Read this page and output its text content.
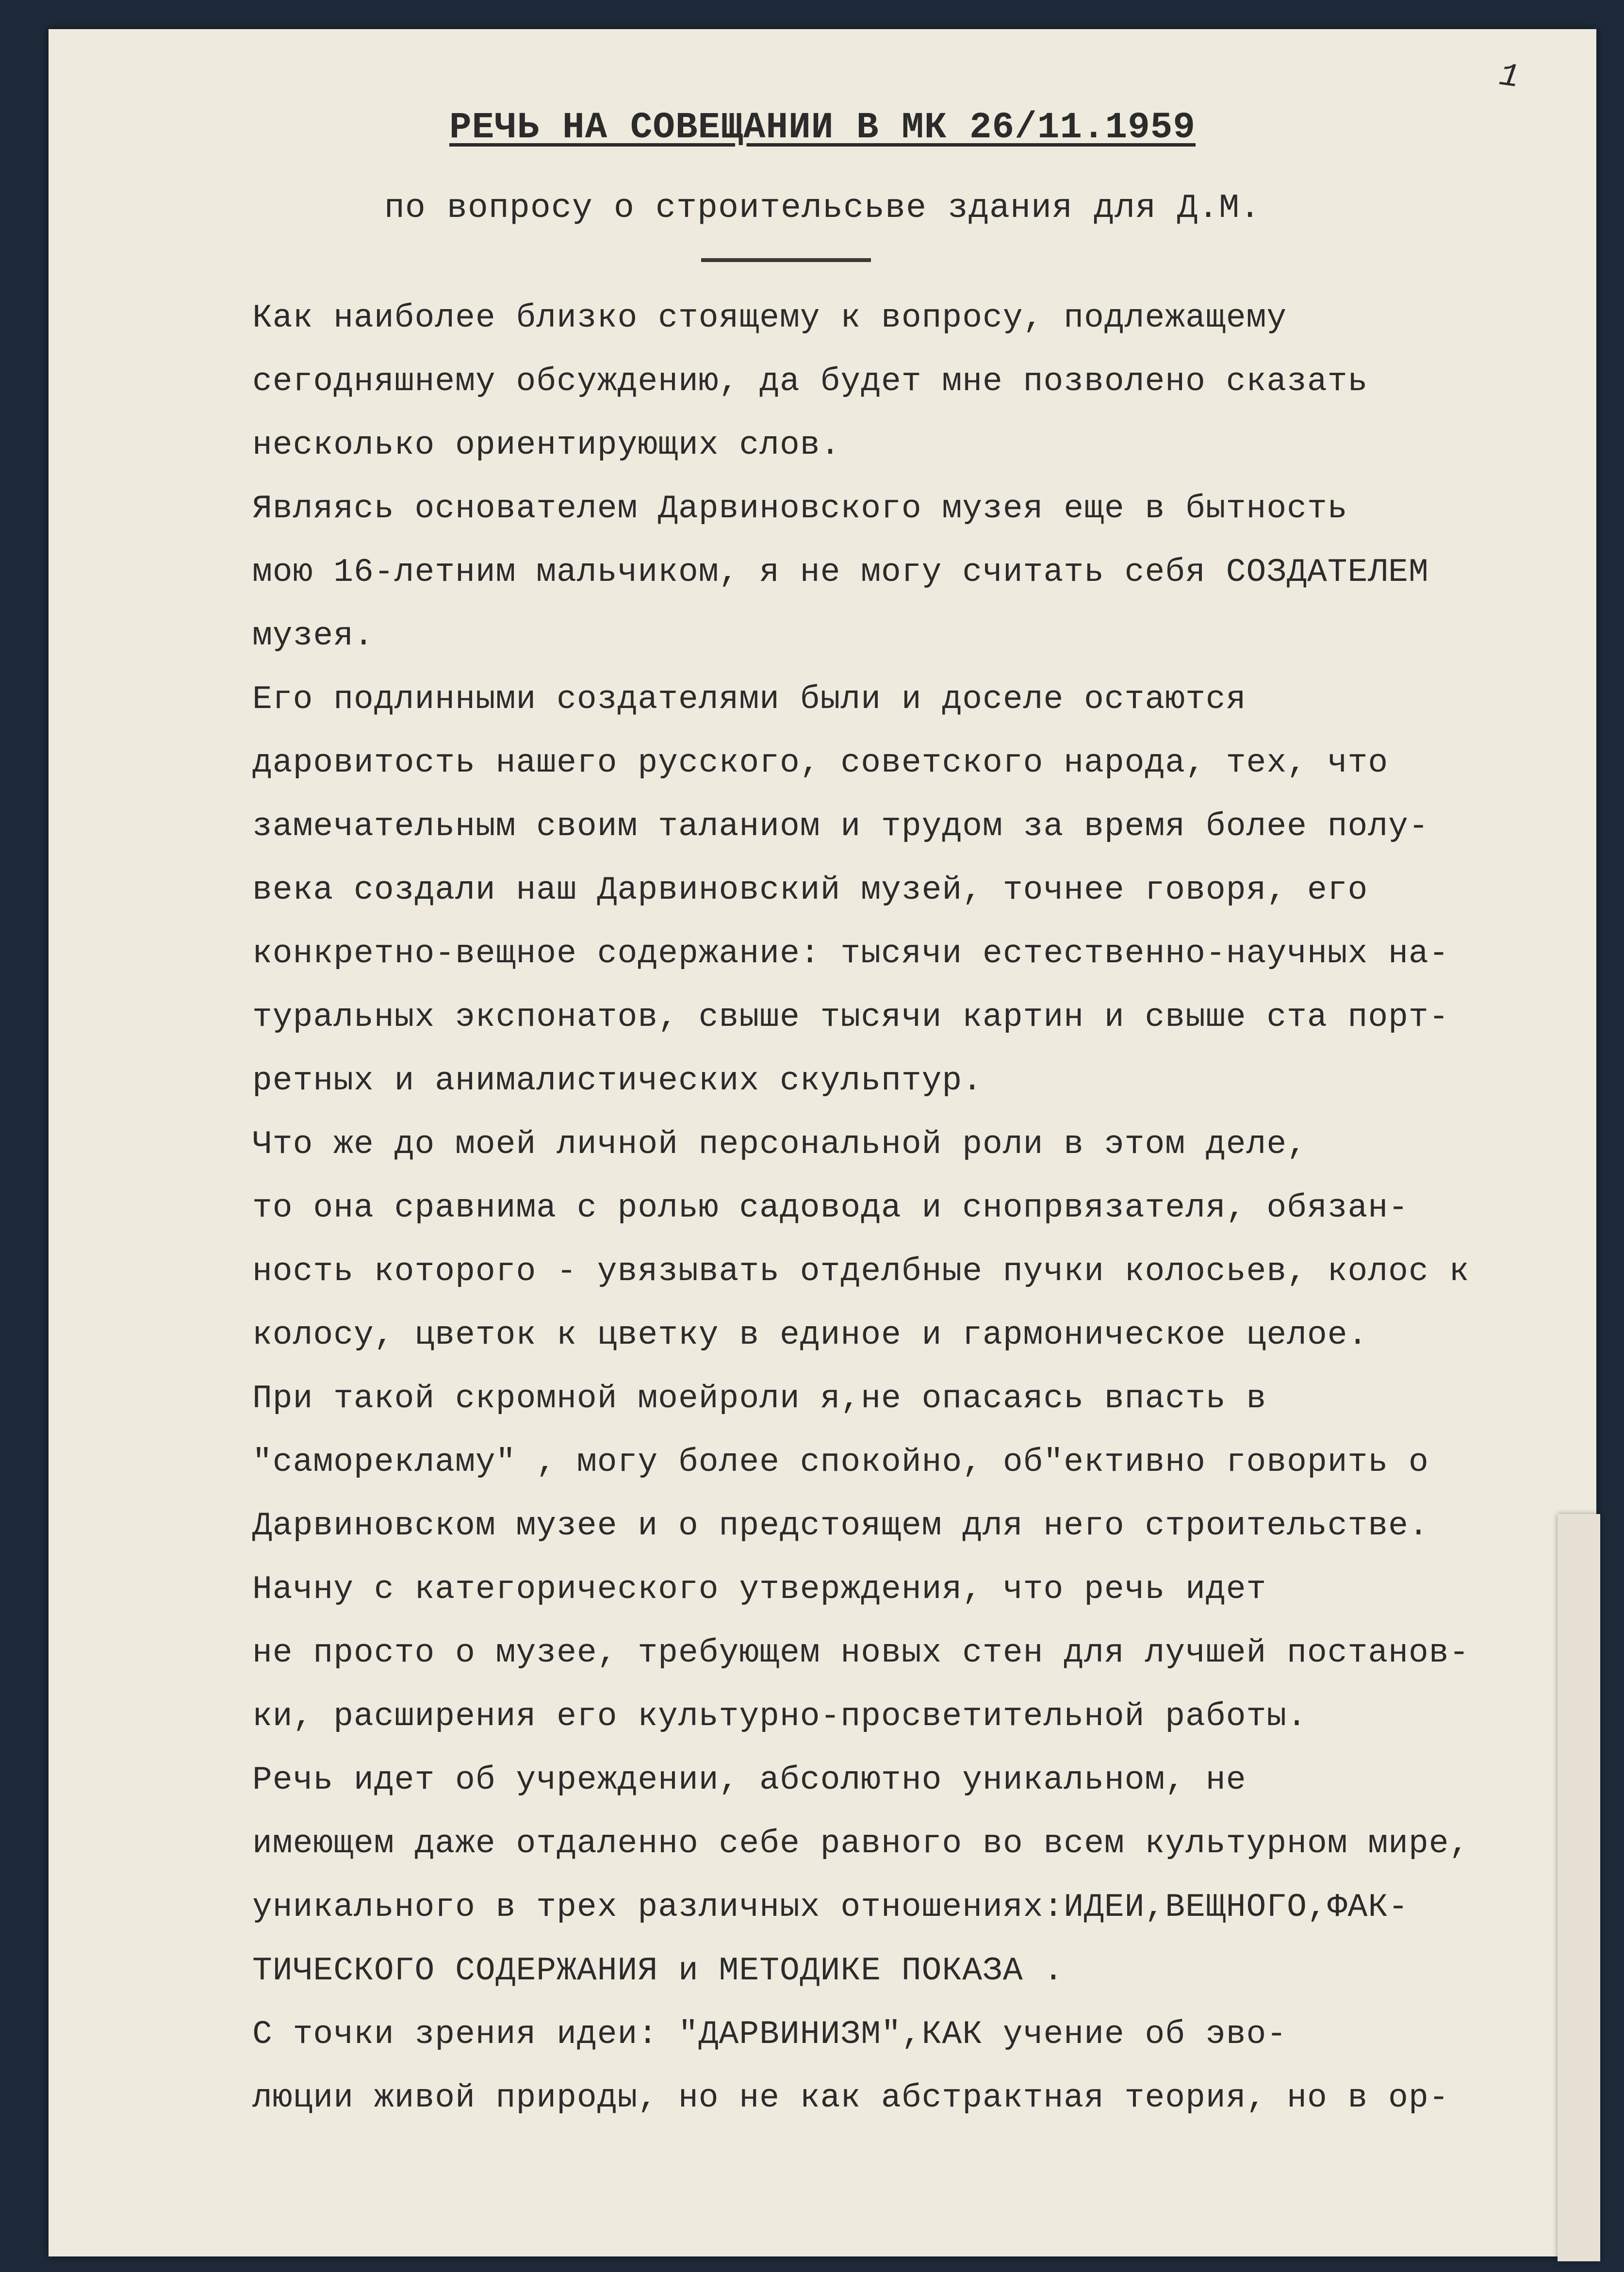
1
РЕЧЬ НА СОВЕЩАНИИ В МК 26/11.1959
по вопросу о строительсьве здания для Д.М.
Как наиболее близко стоящему к вопросу, подлежащему
сегодняшнему обсуждению, да будет мне позволено сказать
несколько ориентирующих слов.
Являясь основателем Дарвиновского музея еще в бытность
мою 16-летним мальчиком, я не могу считать себя СОЗДАТЕЛЕМ
музея.
Его подлинными создателями были и доселе остаются
даровитость нашего русского, советского народа, тех, что
замечательным своим таланиом и трудом за время более полу-
века создали наш Дарвиновский музей, точнее говоря, его
конкретно-вещное содержание: тысячи естественно-научных на-
туральных экспонатов, свыше тысячи картин и свыше ста порт-
ретных и анималистических скульптур.
Что же до моей личной персональной роли в этом деле,
то она сравнима с ролью садовода и снопрвязателя, обязан-
ность которого - увязывать отделбные пучки колосьев, колос к
колосу, цветок к цветку в единое и гармоническое целое.
При такой скромной моейроли я,не опасаясь впасть в
"саморекламу" , могу более спокойно, об"ективно говорить о
Дарвиновском музее и о предстоящем для него строительстве.
Начну с категорического утверждения, что речь идет
не просто о музее, требующем новых стен для лучшей постанов-
ки, расширения его культурно-просветительной работы.
Речь идет об учреждении, абсолютно уникальном, не
имеющем даже отдаленно себе равного во всем культурном мире,
уникального в трех различных отношениях:ИДЕИ,ВЕЩНОГО,ФАК-
ТИЧЕСКОГО СОДЕРЖАНИЯ и МЕТОДИКЕ ПОКАЗА .
С точки зрения идеи: "ДАРВИНИЗМ",КАК учение об эво-
люции живой природы, но не как абстрактная теория, но в ор-
